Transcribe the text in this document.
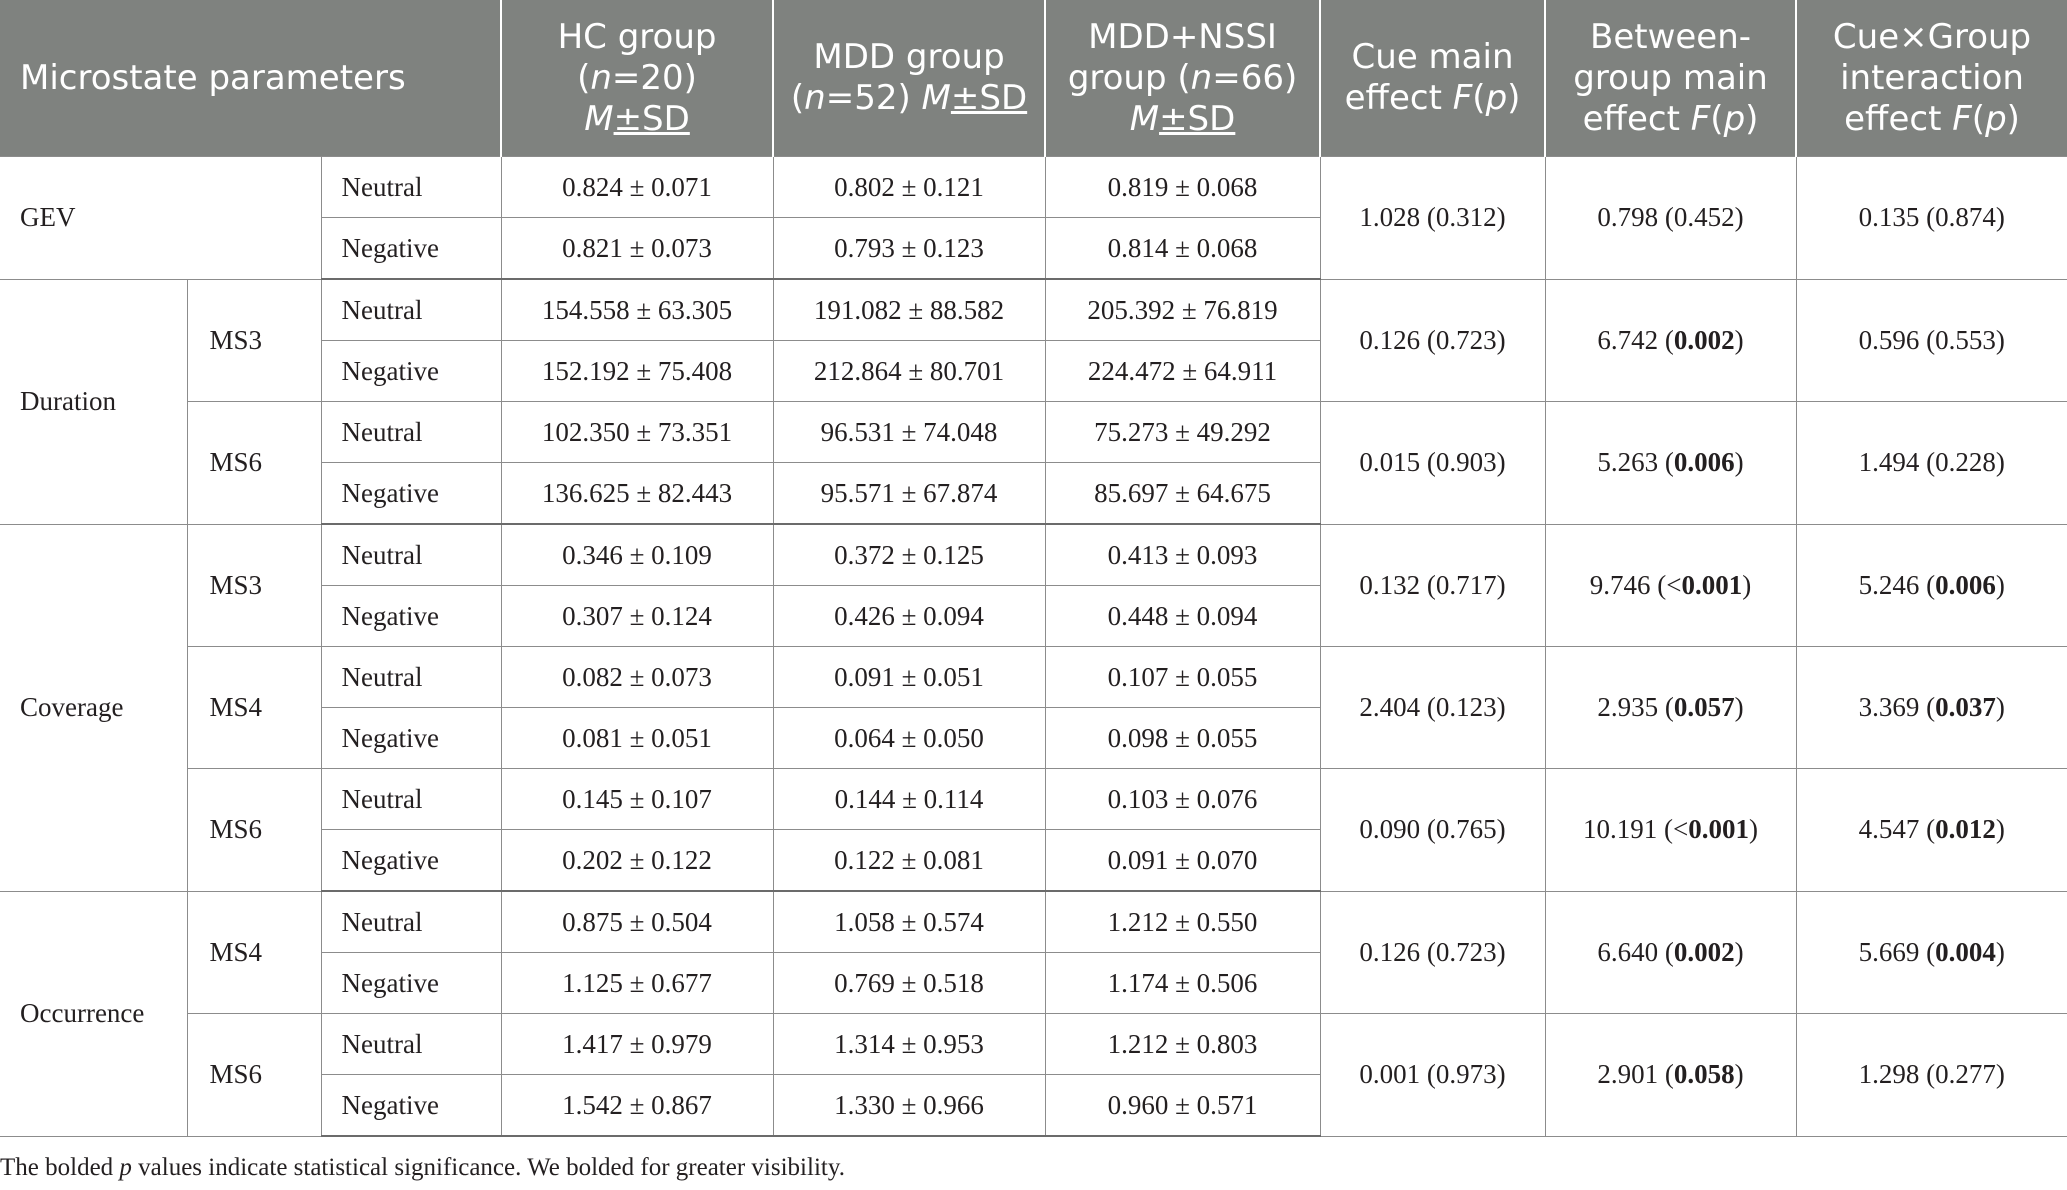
Microstate parameters			HC group
(n=20)
M±SD	MDD group
(n=52) M±SD	MDD+NSSI
group (n=66)
M±SD	Cue main
effect F(p)	Between-
group main
effect F(p)	Cue×Group
interaction
effect F(p)
GEV		Neutral	0.824 ± 0.071	0.802 ± 0.121	0.819 ± 0.068	1.028 (0.312)	0.798 (0.452)	0.135 (0.874)
		Negative	0.821 ± 0.073	0.793 ± 0.123	0.814 ± 0.068			
Duration	MS3	Neutral	154.558 ± 63.305	191.082 ± 88.582	205.392 ± 76.819	0.126 (0.723)	6.742 (0.002)	0.596 (0.553)
		Negative	152.192 ± 75.408	212.864 ± 80.701	224.472 ± 64.911			
	MS6	Neutral	102.350 ± 73.351	96.531 ± 74.048	75.273 ± 49.292	0.015 (0.903)	5.263 (0.006)	1.494 (0.228)
		Negative	136.625 ± 82.443	95.571 ± 67.874	85.697 ± 64.675			
Coverage	MS3	Neutral	0.346 ± 0.109	0.372 ± 0.125	0.413 ± 0.093	0.132 (0.717)	9.746 (<0.001)	5.246 (0.006)
		Negative	0.307 ± 0.124	0.426 ± 0.094	0.448 ± 0.094			
	MS4	Neutral	0.082 ± 0.073	0.091 ± 0.051	0.107 ± 0.055	2.404 (0.123)	2.935 (0.057)	3.369 (0.037)
		Negative	0.081 ± 0.051	0.064 ± 0.050	0.098 ± 0.055			
	MS6	Neutral	0.145 ± 0.107	0.144 ± 0.114	0.103 ± 0.076	0.090 (0.765)	10.191 (<0.001)	4.547 (0.012)
		Negative	0.202 ± 0.122	0.122 ± 0.081	0.091 ± 0.070			
Occurrence	MS4	Neutral	0.875 ± 0.504	1.058 ± 0.574	1.212 ± 0.550	0.126 (0.723)	6.640 (0.002)	5.669 (0.004)
		Negative	1.125 ± 0.677	0.769 ± 0.518	1.174 ± 0.506			
	MS6	Neutral	1.417 ± 0.979	1.314 ± 0.953	1.212 ± 0.803	0.001 (0.973)	2.901 (0.058)	1.298 (0.277)
		Negative	1.542 ± 0.867	1.330 ± 0.966	0.960 ± 0.571			
The bolded p values indicate statistical significance. We bolded for greater visibility.
